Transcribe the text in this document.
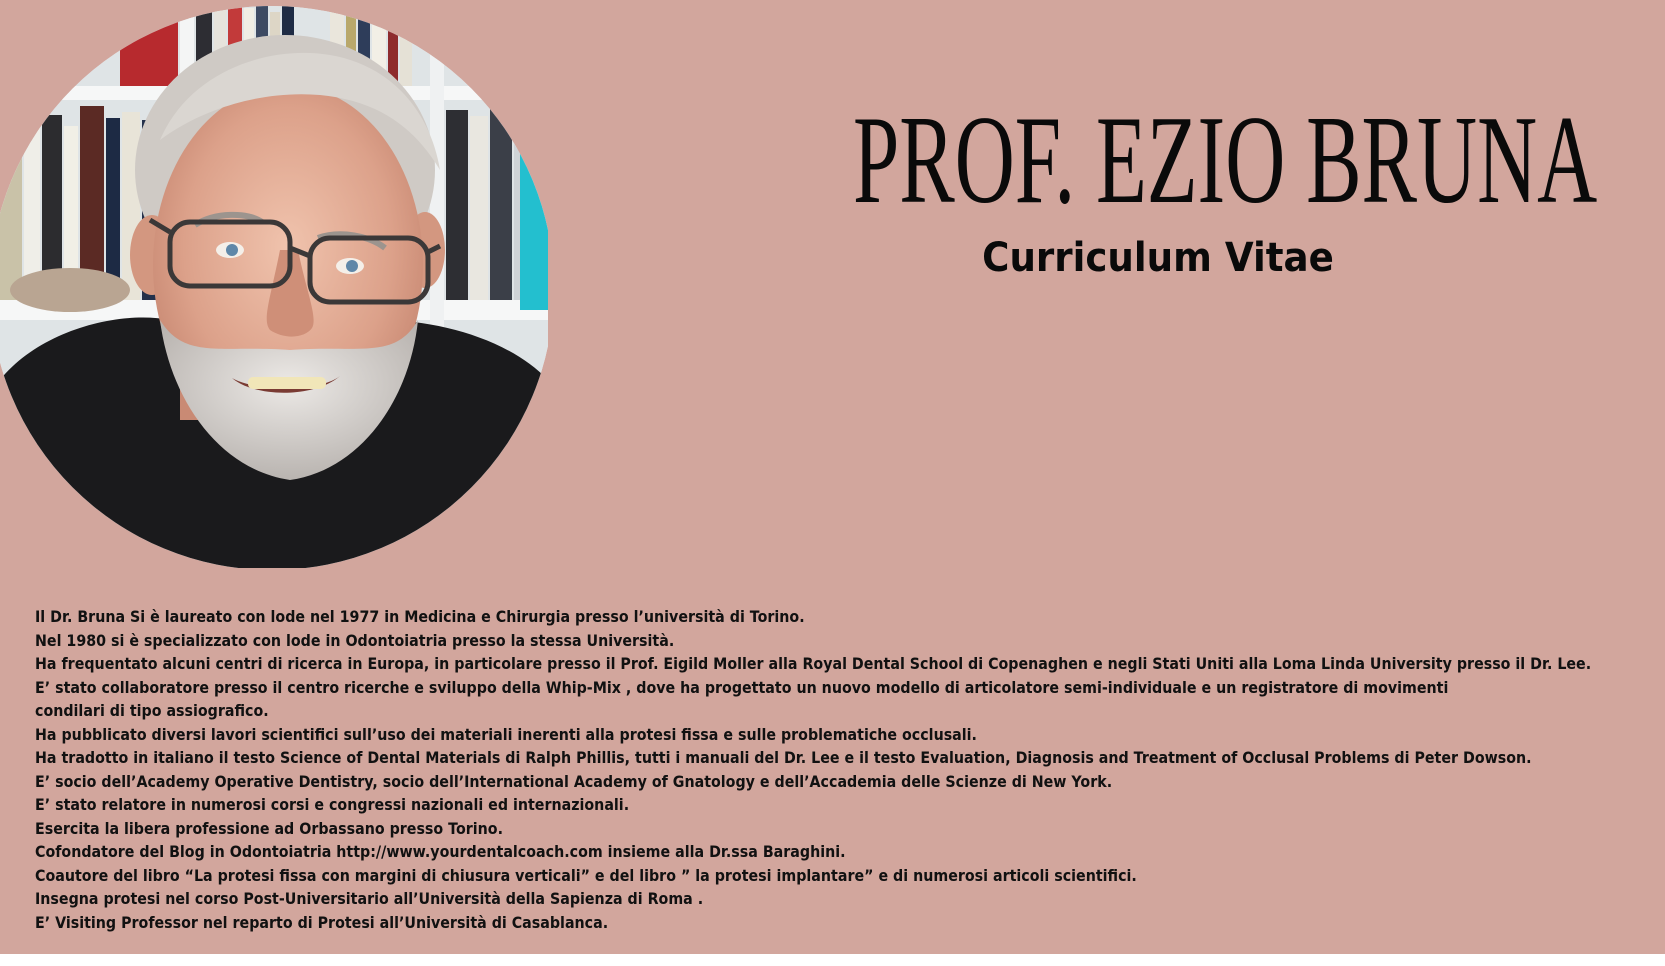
PROF. EZIO BRUNA
Curriculum Vitae
Il Dr. Bruna Si è laureato con lode nel 1977 in Medicina e Chirurgia presso l’università di Torino.
Nel 1980 si è specializzato con lode in Odontoiatria presso la stessa Università.
Ha frequentato alcuni centri di ricerca in Europa, in particolare presso il Prof. Eigild Moller alla Royal Dental School di Copenaghen e negli Stati Uniti alla Loma Linda University presso il Dr. Lee.
E’ stato collaboratore presso il centro ricerche e sviluppo della Whip-Mix , dove ha progettato un nuovo modello di articolatore semi-individuale e un registratore di movimenti condilari di tipo assiografico.
Ha pubblicato diversi lavori scientifici sull’uso dei materiali inerenti alla protesi fissa e sulle problematiche occlusali.
Ha tradotto in italiano il testo Science of Dental Materials di Ralph Phillis, tutti i manuali del Dr. Lee e il testo Evaluation, Diagnosis and Treatment of Occlusal Problems di Peter Dowson.
E’ socio dell’Academy Operative Dentistry, socio dell’International Academy of Gnatology e dell’Accademia delle Scienze di New York.
E’ stato relatore in numerosi corsi e congressi nazionali ed internazionali.
Esercita la libera professione ad Orbassano presso Torino.
Cofondatore del Blog in Odontoiatria http://www.yourdentalcoach.com insieme alla Dr.ssa Baraghini.
Coautore del libro “La protesi fissa con margini di chiusura verticali” e del libro ” la protesi implantare” e di numerosi articoli scientifici.
Insegna protesi nel corso Post-Universitario all’Università della Sapienza di Roma .
E’ Visiting Professor nel reparto di Protesi all’Università di Casablanca.
